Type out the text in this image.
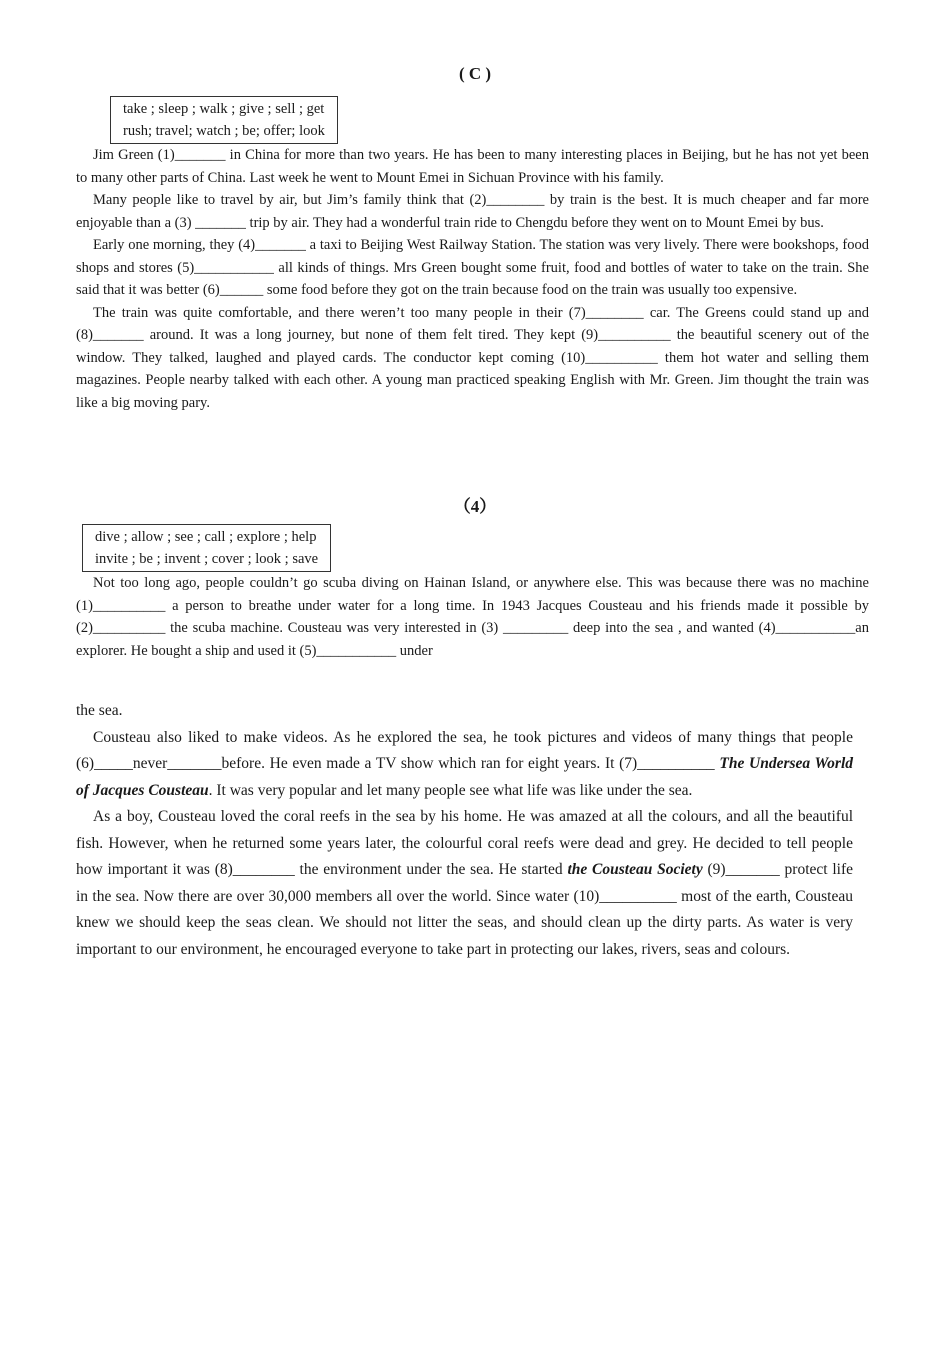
( C )
take ; sleep ; walk ; give ; sell ; get
rush; travel; watch ; be; offer; look

Jim Green (1)_______ in China for more than two years. He has been to many interesting places in Beijing, but he has not yet been to many other parts of China. Last week he went to Mount Emei in Sichuan Province with his family.

Many people like to travel by air, but Jim’s family think that (2)________ by train is the best. It is much cheaper and far more enjoyable than a (3) _______ trip by air. They had a wonderful train ride to Chengdu before they went on to Mount Emei by bus.

Early one morning, they (4)_______ a taxi to Beijing West Railway Station. The station was very lively. There were bookshops, food shops and stores (5)___________ all kinds of things. Mrs Green bought some fruit, food and bottles of water to take on the train. She said that it was better (6)______ some food before they got on the train because food on the train was usually too expensive.

The train was quite comfortable, and there weren’t too many people in their (7)________ car. The Greens could stand up and (8)_______ around. It was a long journey, but none of them felt tired. They kept (9)__________ the beautiful scenery out of the window. They talked, laughed and played cards. The conductor kept coming (10)__________ them hot water and selling them magazines. People nearby talked with each other. A young man practiced speaking English with Mr. Green. Jim thought the train was like a big moving pary.

（4）
dive ; allow ; see ; call ; explore ; help
invite ; be ; invent ; cover ; look ; save

Not too long ago, people couldn’t go scuba diving on Hainan Island, or anywhere else. This was because there was no machine (1)__________ a person to breathe under water for a long time. In 1943 Jacques Cousteau and his friends made it possible by (2)__________ the scuba machine. Cousteau was very interested in (3) _________ deep into the sea , and wanted (4)___________an explorer. He bought a ship and used it (5)___________ under

the sea.

Cousteau also liked to make videos. As he explored the sea, he took pictures and videos of many things that people (6)_____never_______before. He even made a TV show which ran for eight years. It (7)__________ The Undersea World of Jacques Cousteau. It was very popular and let many people see what life was like under the sea.

As a boy, Cousteau loved the coral reefs in the sea by his home. He was amazed at all the colours, and all the beautiful fish. However, when he returned some years later, the colourful coral reefs were dead and grey. He decided to tell people how important it was (8)________ the environment under the sea. He started the Cousteau Society (9)_______ protect life in the sea. Now there are over 30,000 members all over the world. Since water (10)__________ most of the earth, Cousteau knew we should keep the seas clean. We should not litter the seas, and should clean up the dirty parts. As water is very important to our environment, he encouraged everyone to take part in protecting our lakes, rivers, seas and colours.
